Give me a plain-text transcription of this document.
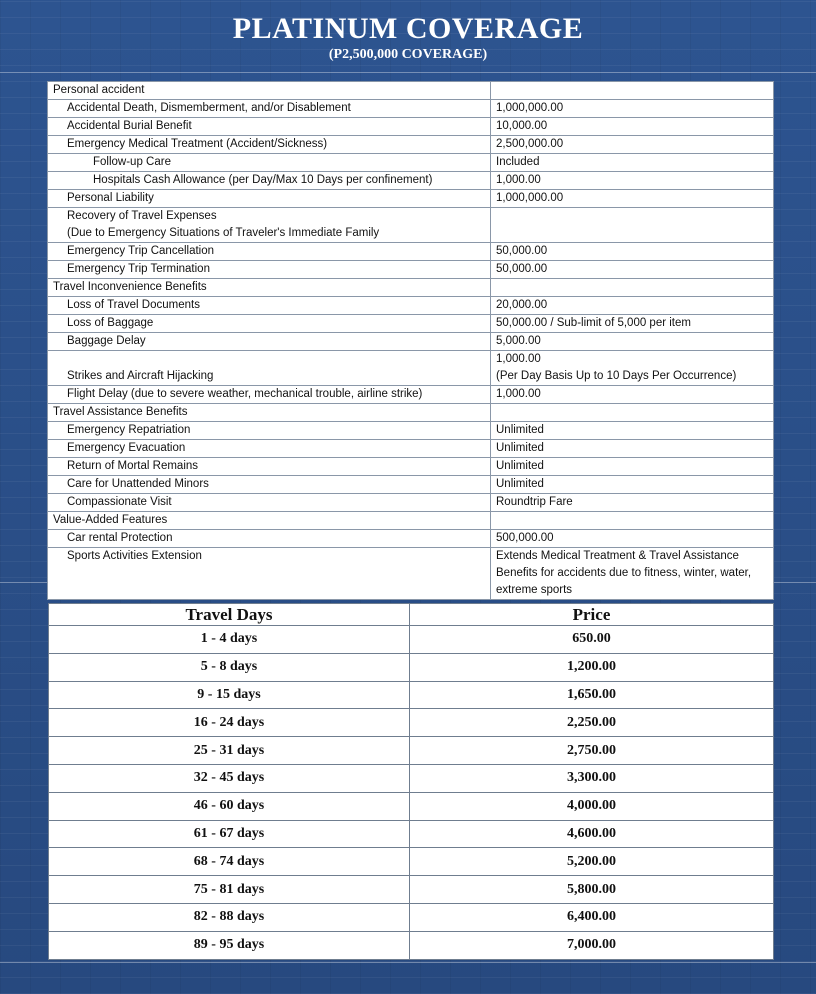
PLATINUM COVERAGE
(P2,500,000 COVERAGE)
Personal accident	
Accidental Death, Dismemberment, and/or Disablement	1,000,000.00
Accidental Burial Benefit	10,000.00
Emergency Medical Treatment (Accident/Sickness)	2,500,000.00
Follow-up Care	Included
Hospitals Cash Allowance (per Day/Max 10 Days per confinement)	1,000.00
Personal Liability	1,000,000.00
Recovery of Travel Expenses
(Due to Emergency Situations of Traveler's Immediate Family	
Emergency Trip Cancellation	50,000.00
Emergency Trip Termination	50,000.00
Travel Inconvenience Benefits	
Loss of Travel Documents	20,000.00
Loss of Baggage	50,000.00 / Sub-limit of 5,000 per item
Baggage Delay	5,000.00
Strikes and Aircraft Hijacking	1,000.00
(Per Day Basis Up to 10 Days Per Occurrence)
Flight Delay (due to severe weather, mechanical trouble, airline strike)	1,000.00
Travel Assistance Benefits	
Emergency Repatriation	Unlimited
Emergency Evacuation	Unlimited
Return of Mortal Remains	Unlimited
Care for Unattended Minors	Unlimited
Compassionate Visit	Roundtrip Fare
Value-Added Features	
Car rental Protection	500,000.00
Sports Activities Extension	Extends Medical Treatment & Travel Assistance
Benefits for accidents due to fitness, winter, water,
extreme sports
Travel Days	Price
1 - 4 days	650.00
5 - 8 days	1,200.00
9 - 15 days	1,650.00
16 - 24 days	2,250.00
25 - 31 days	2,750.00
32 - 45 days	3,300.00
46 - 60 days	4,000.00
61 - 67 days	4,600.00
68 - 74 days	5,200.00
75 - 81 days	5,800.00
82 - 88 days	6,400.00
89 - 95 days	7,000.00
